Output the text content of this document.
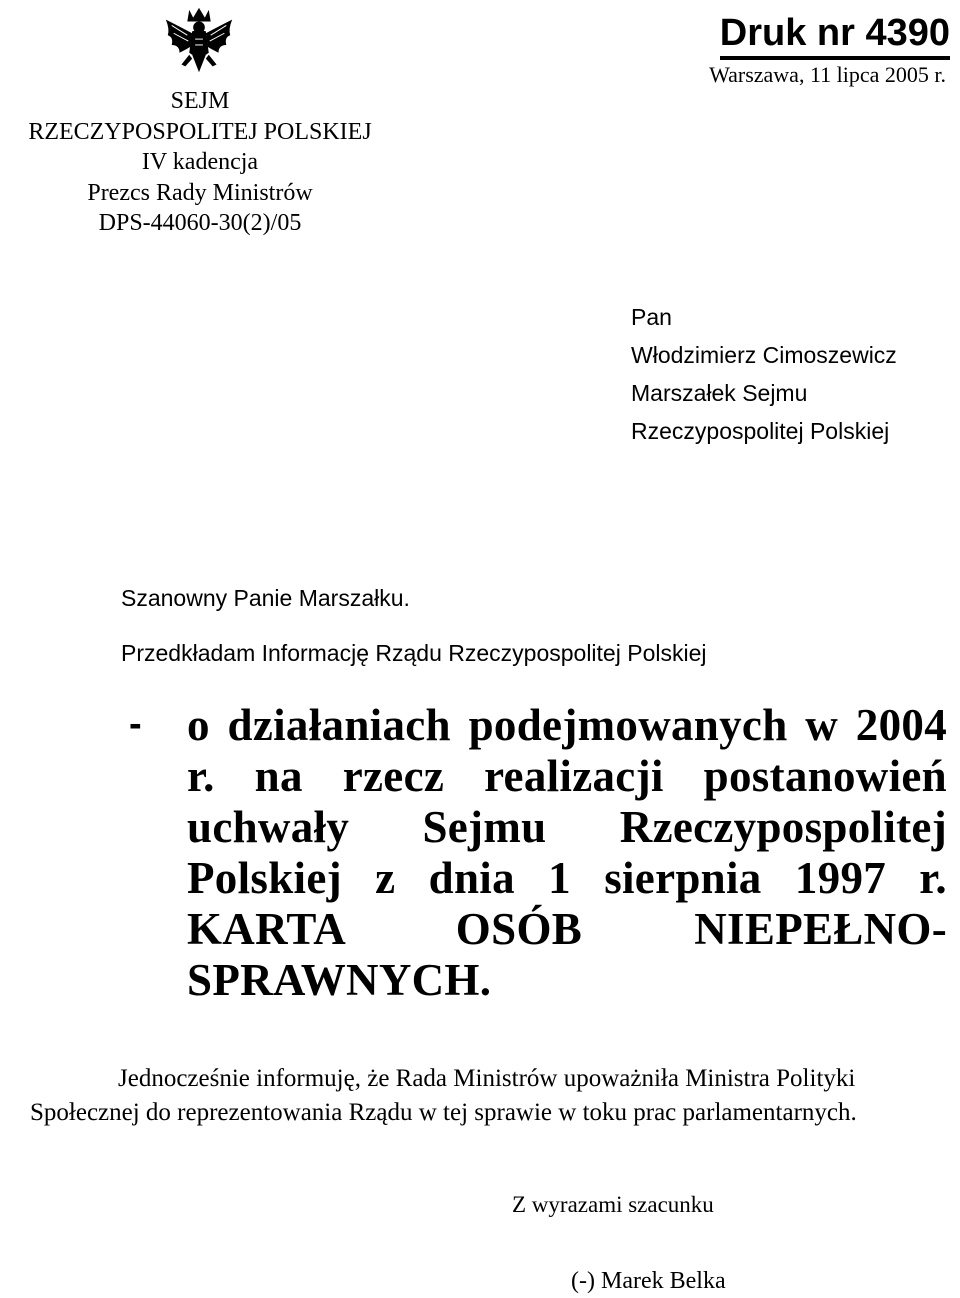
SEJM
RZECZYPOSPOLITEJ POLSKIEJ
IV kadencja
Prezcs Rady Ministrów
DPS-44060-30(2)/05
Druk nr 4390
Warszawa, 11 lipca 2005 r.
Pan
Włodzimierz Cimoszewicz
Marszałek Sejmu
Rzeczypospolitej Polskiej
Szanowny Panie Marszałku.
Przedkładam Informację Rządu Rzeczypospolitej Polskiej
- o działaniach podejmowanych w 2004 r. na rzecz realizacji postanowień uchwały Sejmu Rzeczypospolitej Polskiej z dnia 1 sierpnia 1997 r. KARTA OSÓB NIEPEŁNO-SPRAWNYCH.
Jednocześnie informuję, że Rada Ministrów upoważniła Ministra Polityki
Społecznej do reprezentowania Rządu w tej sprawie w toku prac parlamentarnych.
Z wyrazami szacunku
(-) Marek Belka
